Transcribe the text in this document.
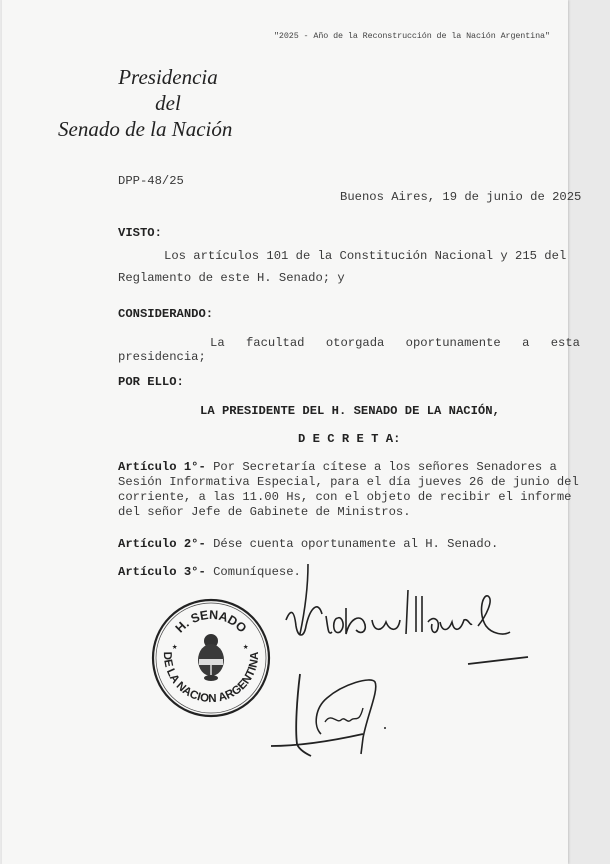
"2025 - Año de la Reconstrucción de la Nación Argentina"
Presidencia
del
Senado de la Nación
DPP-48/25
Buenos Aires, 19 de junio de 2025
VISTO:
Los artículos 101 de la Constitución Nacional y 215 del
Reglamento de este H. Senado; y
CONSIDERANDO:
La facultad otorgada oportunamente a esta
presidencia;
POR ELLO:
LA PRESIDENTE DEL H. SENADO DE LA NACIÓN,
D E C R E T A:
Artículo 1°- Por Secretaría cítese a los señores Senadores a
Sesión Informativa Especial, para el día jueves 26 de junio del
corriente, a las 11.00 Hs, con el objeto de recibir el informe
del señor Jefe de Gabinete de Ministros.
Artículo 2°- Dése cuenta oportunamente al H. Senado.
Artículo 3°- Comuníquese.
H. SENADO
DE LA NACION ARGENTINA
★	★
